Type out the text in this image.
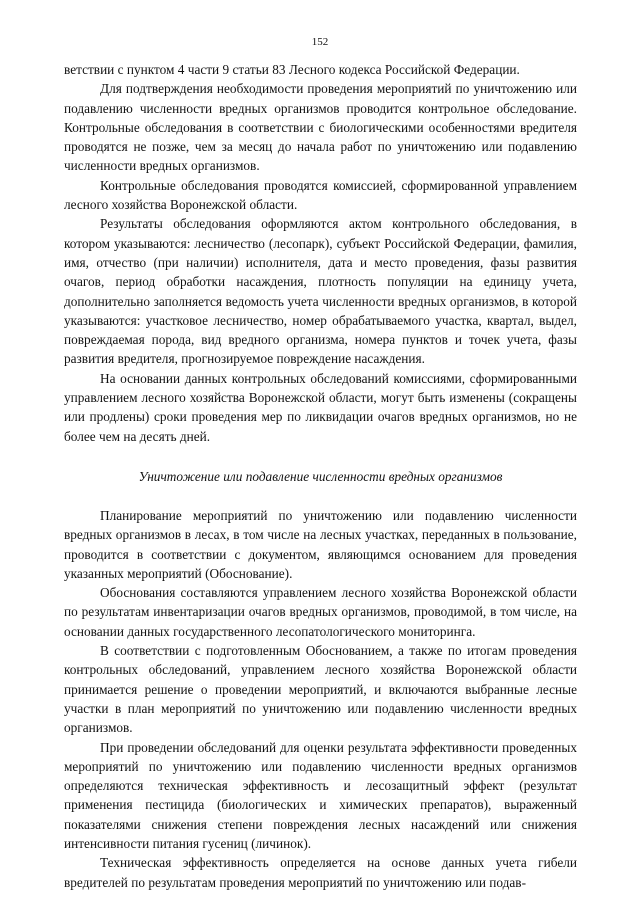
152

ветствии с пунктом 4 части 9 статьи 83 Лесного кодекса Российской Федерации.

Для подтверждения необходимости проведения мероприятий по уничтожению или подавлению численности вредных организмов проводится контрольное обследование. Контрольные обследования в соответствии с биологическими особенностями вредителя проводятся не позже, чем за месяц до начала работ по уничтожению или подавлению численности вредных организмов.

Контрольные обследования проводятся комиссией, сформированной управлением лесного хозяйства Воронежской области.

Результаты обследования оформляются актом контрольного обследования, в котором указываются: лесничество (лесопарк), субъект Российской Федерации, фамилия, имя, отчество (при наличии) исполнителя, дата и место проведения, фазы развития очагов, период обработки насаждения, плотность популяции на единицу учета, дополнительно заполняется ведомость учета численности вредных организмов, в которой указываются: участковое лесничество, номер обрабатываемого участка, квартал, выдел, повреждаемая порода, вид вредного организма, номера пунктов и точек учета, фазы развития вредителя, прогнозируемое повреждение насаждения.

На основании данных контрольных обследований комиссиями, сформированными управлением лесного хозяйства Воронежской области, могут быть изменены (сокращены или продлены) сроки проведения мер по ликвидации очагов вредных организмов, но не более чем на десять дней.

Уничтожение или подавление численности вредных организмов

Планирование мероприятий по уничтожению или подавлению численности вредных организмов в лесах, в том числе на лесных участках, переданных в пользование, проводится в соответствии с документом, являющимся основанием для проведения указанных мероприятий (Обоснование).

Обоснования составляются управлением лесного хозяйства Воронежской области по результатам инвентаризации очагов вредных организмов, проводимой, в том числе, на основании данных государственного лесопатологического мониторинга.

В соответствии с подготовленным Обоснованием, а также по итогам проведения контрольных обследований, управлением лесного хозяйства Воронежской области принимается решение о проведении мероприятий, и включаются выбранные лесные участки в план мероприятий по уничтожению или подавлению численности вредных организмов.

При проведении обследований для оценки результата эффективности проведенных мероприятий по уничтожению или подавлению численности вредных организмов определяются техническая эффективность и лесозащитный эффект (результат применения пестицида (биологических и химических препаратов), выраженный показателями снижения степени повреждения лесных насаждений или снижения интенсивности питания гусениц (личинок).

Техническая эффективность определяется на основе данных учета гибели вредителей по результатам проведения мероприятий по уничтожению или подав-
